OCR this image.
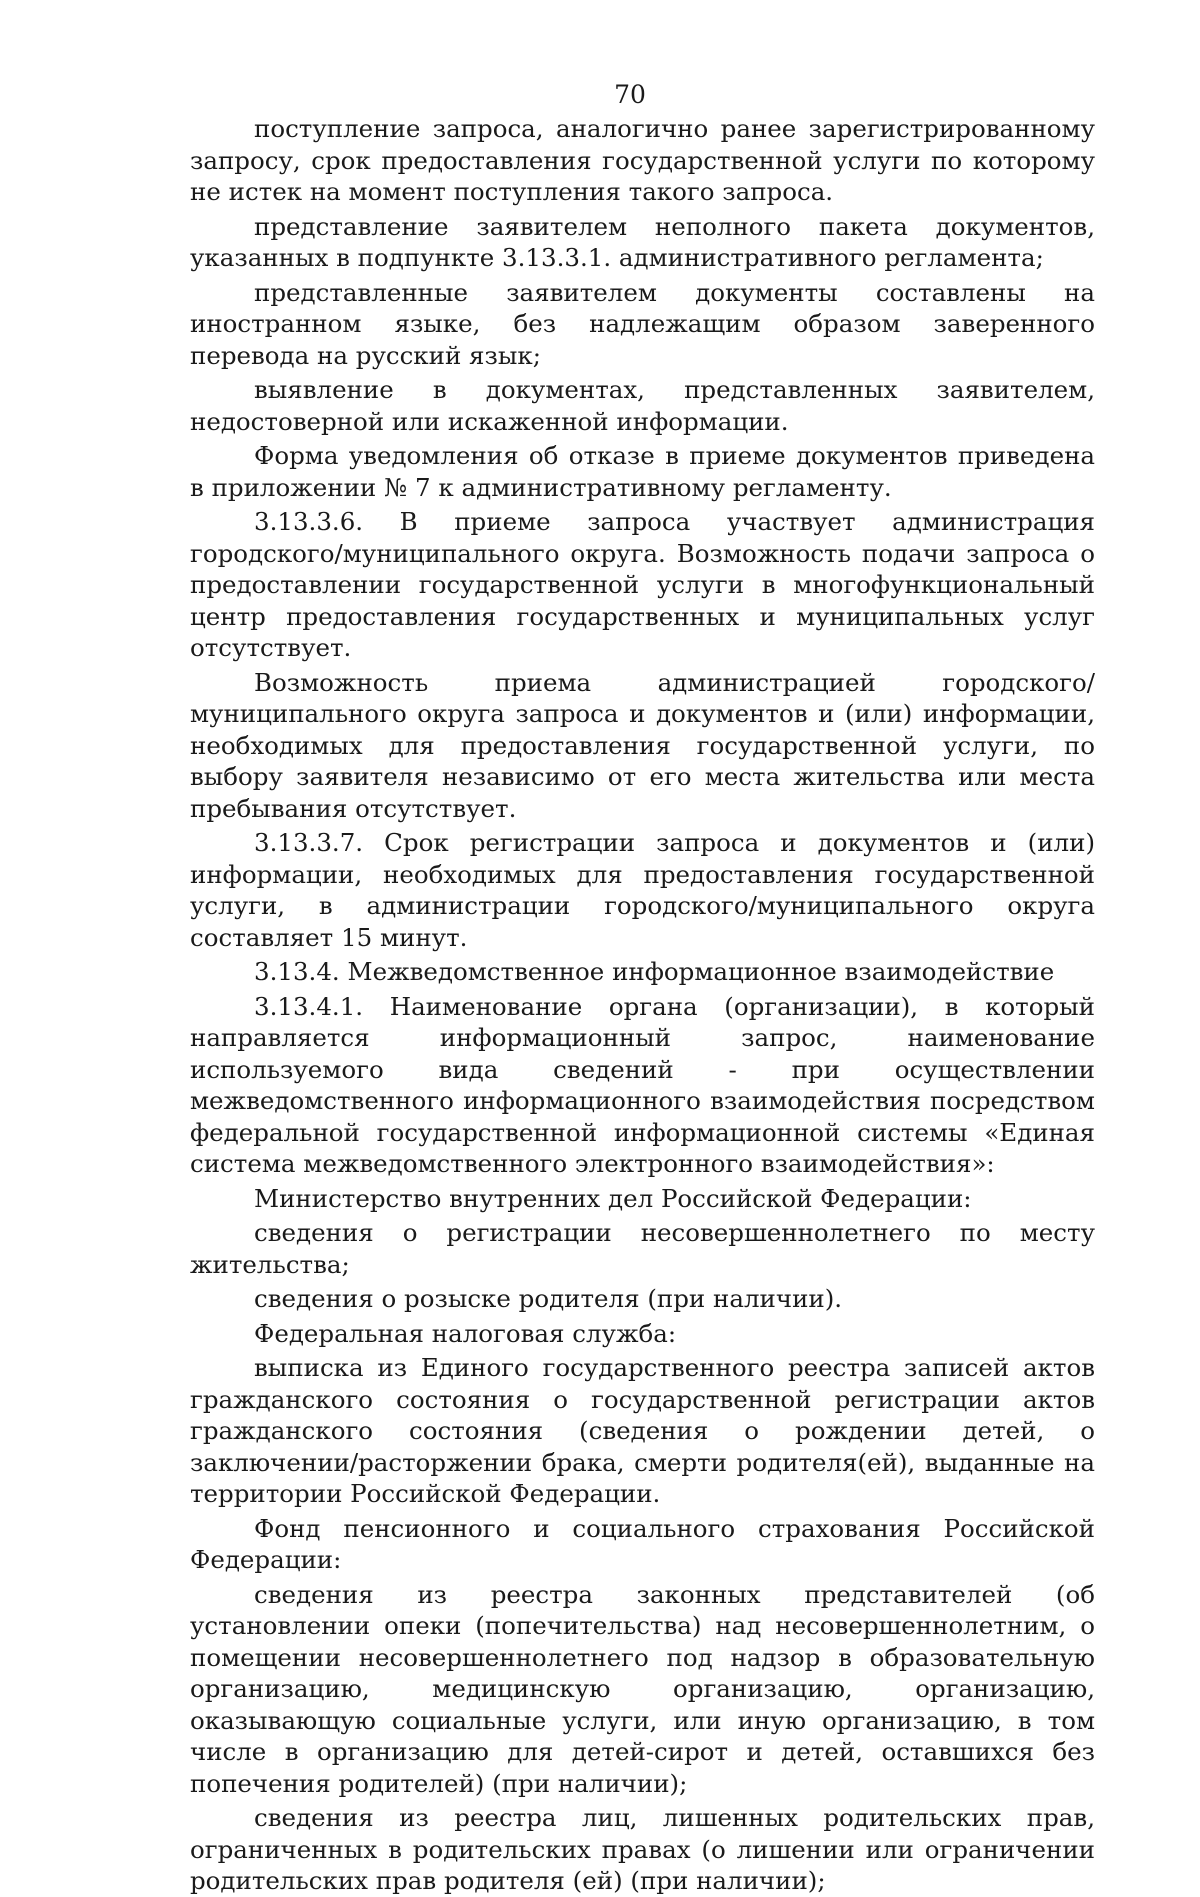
70

поступление запроса, аналогично ранее зарегистрированному запросу, срок предоставления государственной услуги по которому не истек на момент поступления такого запроса.

представление заявителем неполного пакета документов, указанных в подпункте 3.13.3.1. административного регламента;

представленные заявителем документы составлены на иностранном языке, без надлежащим образом заверенного перевода на русский язык;

выявление в документах, представленных заявителем, недостоверной или искаженной информации.

Форма уведомления об отказе в приеме документов приведена в приложении № 7 к административному регламенту.

3.13.3.6. В приеме запроса участвует администрация городского/муниципального округа. Возможность подачи запроса о предоставлении государственной услуги в многофункциональный центр предоставления государственных и муниципальных услуг отсутствует.

Возможность приема администрацией городского/муниципального округа запроса и документов и (или) информации, необходимых для предоставления государственной услуги, по выбору заявителя независимо от его места жительства или места пребывания отсутствует.

3.13.3.7. Срок регистрации запроса и документов и (или) информации, необходимых для предоставления государственной услуги, в администрации городского/муниципального округа составляет 15 минут.

3.13.4. Межведомственное информационное взаимодействие

3.13.4.1. Наименование органа (организации), в который направляется информационный запрос, наименование используемого вида сведений - при осуществлении межведомственного информационного взаимодействия посредством федеральной государственной информационной системы «Единая система межведомственного электронного взаимодействия»:

Министерство внутренних дел Российской Федерации:

сведения о регистрации несовершеннолетнего по месту жительства;

сведения о розыске родителя (при наличии).

Федеральная налоговая служба:

выписка из Единого государственного реестра записей актов гражданского состояния о государственной регистрации актов гражданского состояния (сведения о рождении детей, о заключении/расторжении брака, смерти родителя(ей), выданные на территории Российской Федерации.

Фонд пенсионного и социального страхования Российской Федерации:

сведения из реестра законных представителей (об установлении опеки (попечительства) над несовершеннолетним, о помещении несовершеннолетнего под надзор в образовательную организацию, медицинскую организацию, организацию, оказывающую социальные услуги, или иную организацию, в том числе в организацию для детей-сирот и детей, оставшихся без попечения родителей) (при наличии);

сведения из реестра лиц, лишенных родительских прав, ограниченных в родительских правах (о лишении или ограничении родительских прав родителя (ей) (при наличии);
